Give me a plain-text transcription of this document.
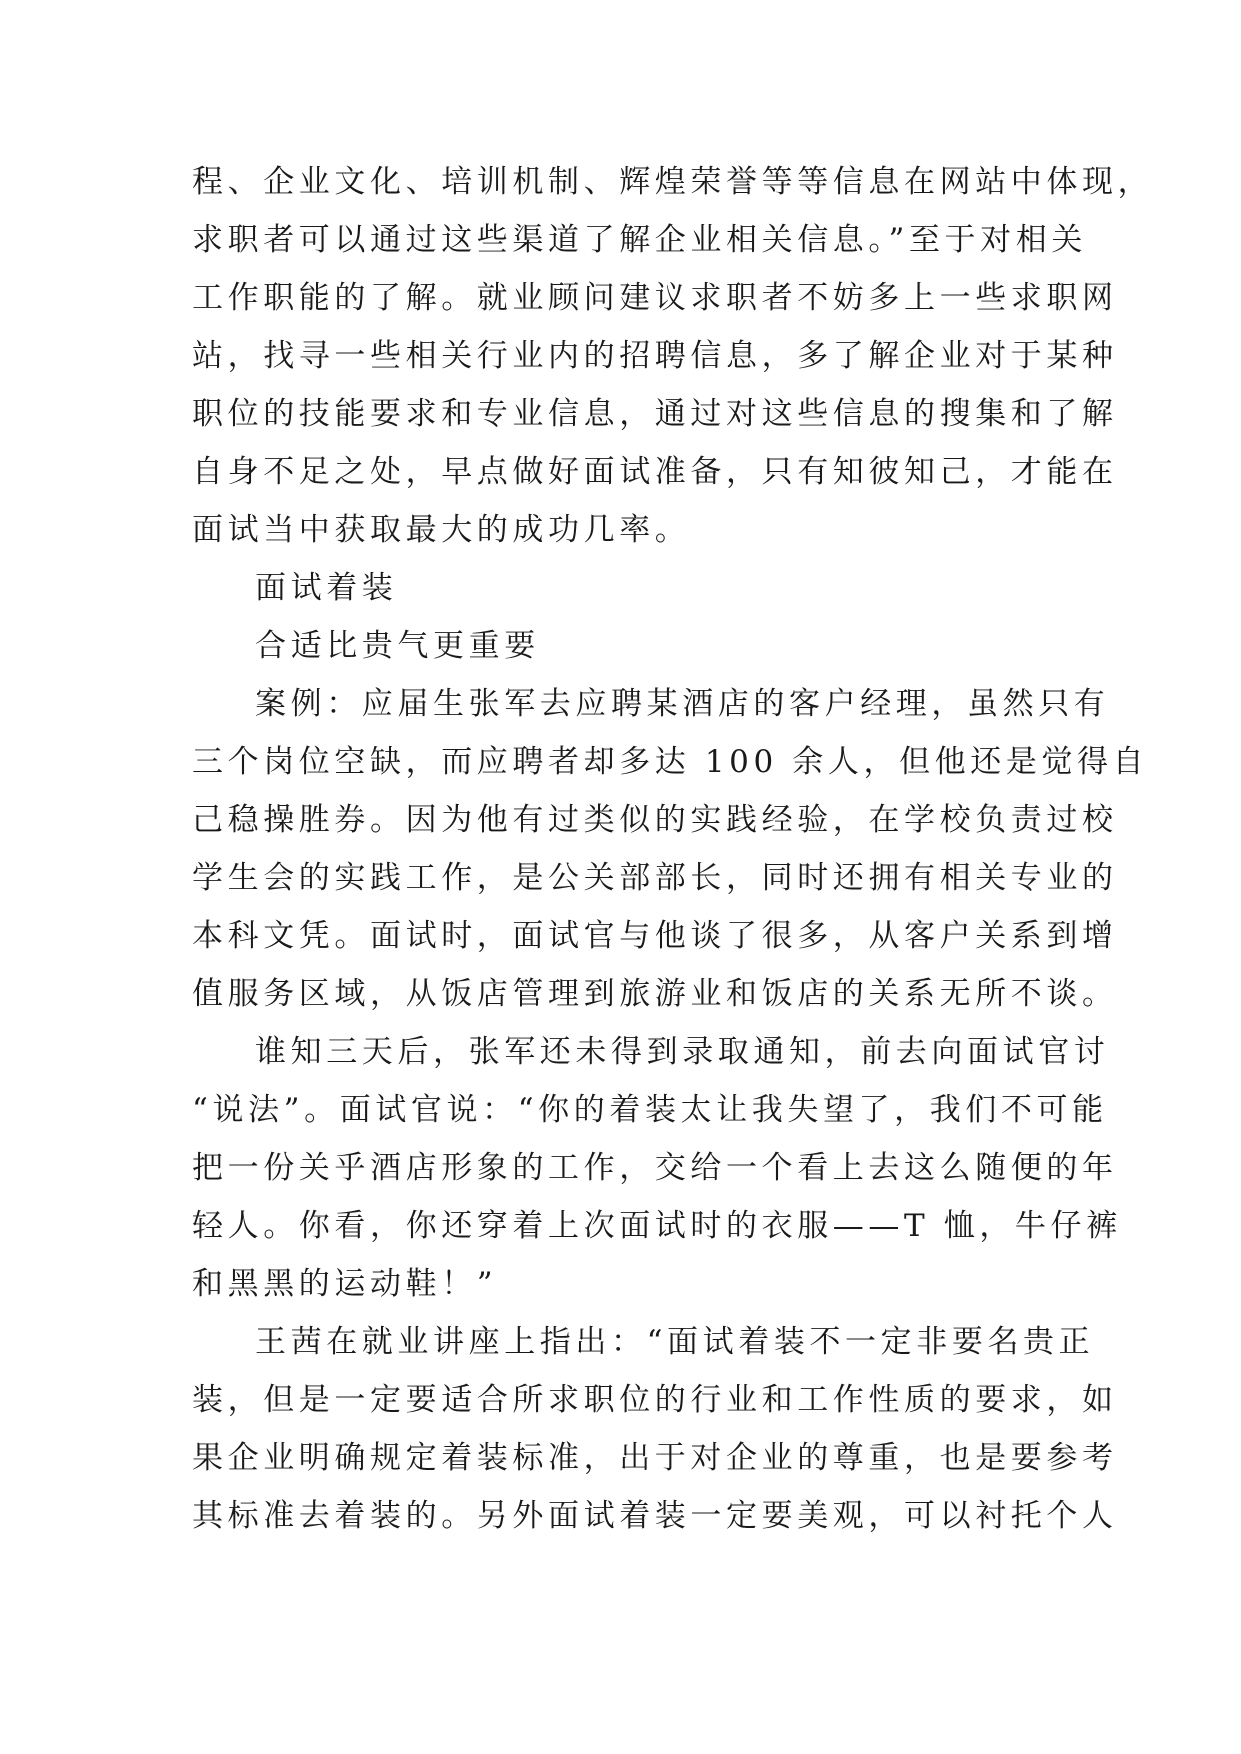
程、企业文化、培训机制、辉煌荣誉等等信息在网站中体现，

求职者可以通过这些渠道了解企业相关信息。”至于对相关

工作职能的了解。就业顾问建议求职者不妨多上一些求职网

站，找寻一些相关行业内的招聘信息，多了解企业对于某种

职位的技能要求和专业信息，通过对这些信息的搜集和了解

自身不足之处，早点做好面试准备，只有知彼知己，才能在

面试当中获取最大的成功几率。

面试着装

合适比贵气更重要

案例：应届生张军去应聘某酒店的客户经理，虽然只有

三个岗位空缺，而应聘者却多达 100 余人，但他还是觉得自

己稳操胜券。因为他有过类似的实践经验，在学校负责过校

学生会的实践工作，是公关部部长，同时还拥有相关专业的

本科文凭。面试时，面试官与他谈了很多，从客户关系到增

值服务区域，从饭店管理到旅游业和饭店的关系无所不谈。

谁知三天后，张军还未得到录取通知，前去向面试官讨

“说法”。面试官说：“你的着装太让我失望了，我们不可能

把一份关乎酒店形象的工作，交给一个看上去这么随便的年

轻人。你看，你还穿着上次面试时的衣服——T 恤，牛仔裤

和黑黑的运动鞋！”

王茜在就业讲座上指出：“面试着装不一定非要名贵正

装，但是一定要适合所求职位的行业和工作性质的要求，如

果企业明确规定着装标准，出于对企业的尊重，也是要参考

其标准去着装的。另外面试着装一定要美观，可以衬托个人
